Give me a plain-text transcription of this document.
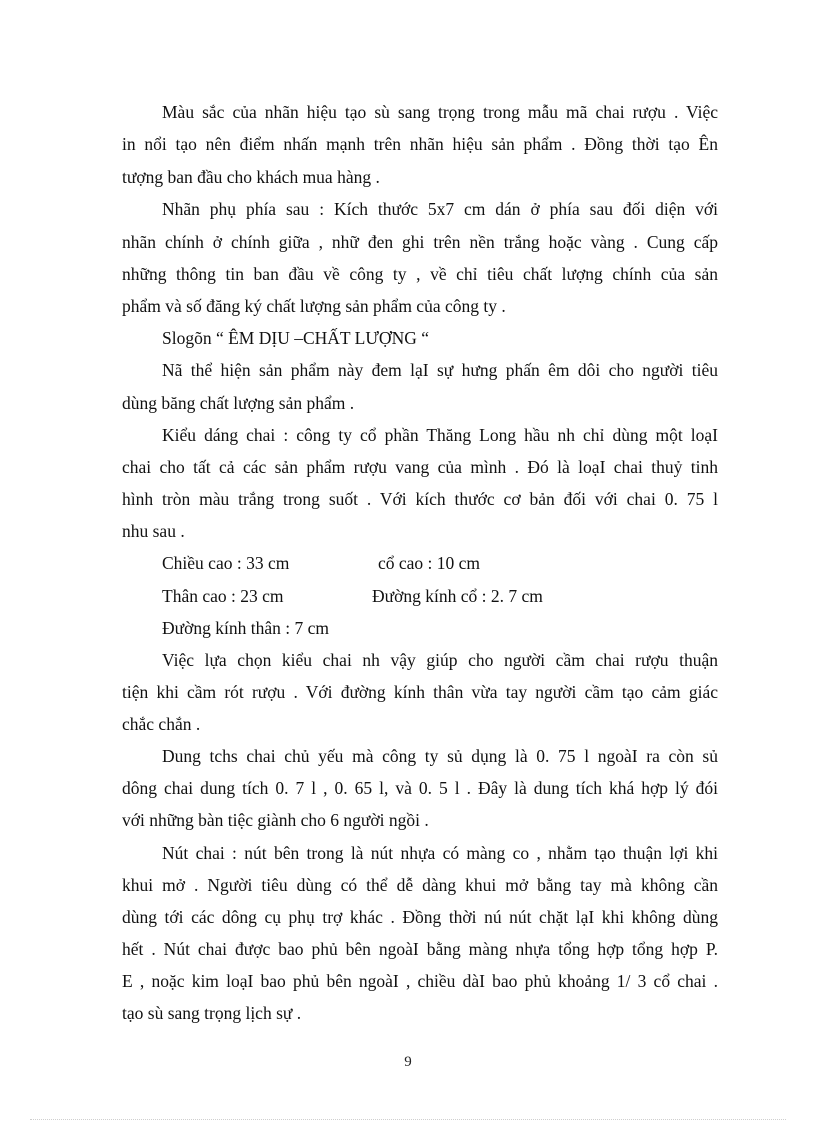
Màu sắc của nhãn hiệu tạo sù sang trọng trong mẫu mã chai rượu . Việc
in nổi tạo nên điểm nhấn mạnh trên nhãn hiệu sản phẩm . Đồng thời tạo Ên
tượng ban đầu cho khách mua hàng .
Nhãn phụ phía sau : Kích thước 5x7 cm dán ở phía sau đối diện với
nhãn chính ở chính giữa , nhữ đen ghi trên nền trắng hoặc vàng . Cung cấp
những thông tin ban đầu về công ty , về chỉ tiêu chất lượng chính của sản
phẩm và số đăng ký chất lượng sản phẩm của công ty .
Slogõn “ ÊM DỊU –CHẤT LƯỢNG “
Nã thể hiện sản phẩm này đem lạI sự hưng phấn êm dôi cho người tiêu
dùng băng chất lượng sản phẩm .
Kiểu dáng chai : công ty cổ phần Thăng Long hầu nh chỉ dùng một loạI
chai cho tất cả các sản phẩm rượu vang của mình . Đó là loạI chai thuỷ tinh
hình tròn màu trắng trong suốt . Với kích thước cơ bản đối với chai 0. 75 l
nhu sau .
Chiều cao : 33 cm	cổ cao : 10 cm
Thân cao : 23 cm	Đường kính cổ : 2. 7 cm
Đường kính thân : 7 cm
Việc lựa chọn kiểu chai nh vậy giúp cho người cầm chai rượu thuận
tiện khi cầm rót rượu . Với đường kính thân vừa tay người cầm tạo cảm giác
chắc chắn .
Dung tchs chai chủ yếu mà công ty sủ dụng là 0. 75 l ngoàI ra còn sủ
dông chai dung tích 0. 7 l , 0. 65 l, và 0. 5 l . Đây là dung tích khá hợp lý đói
với những bàn tiệc giành cho 6 người ngồi .
Nút chai : nút bên trong là nút nhựa có màng co , nhằm tạo thuận lợi khi
khui mở . Người tiêu dùng có thể dễ dàng khui mở bằng tay mà không cần
dùng tới các dông cụ phụ trợ khác . Đồng thời nú nút chặt lạI khi không dùng
hết . Nút chai được bao phủ bên ngoàI bằng màng nhựa tổng hợp tổng hợp P.
E , noặc kim loạI bao phủ bên ngoàI , chiều dàI bao phủ khoảng 1/ 3 cổ chai .
tạo sù sang trọng lịch sự .
9
